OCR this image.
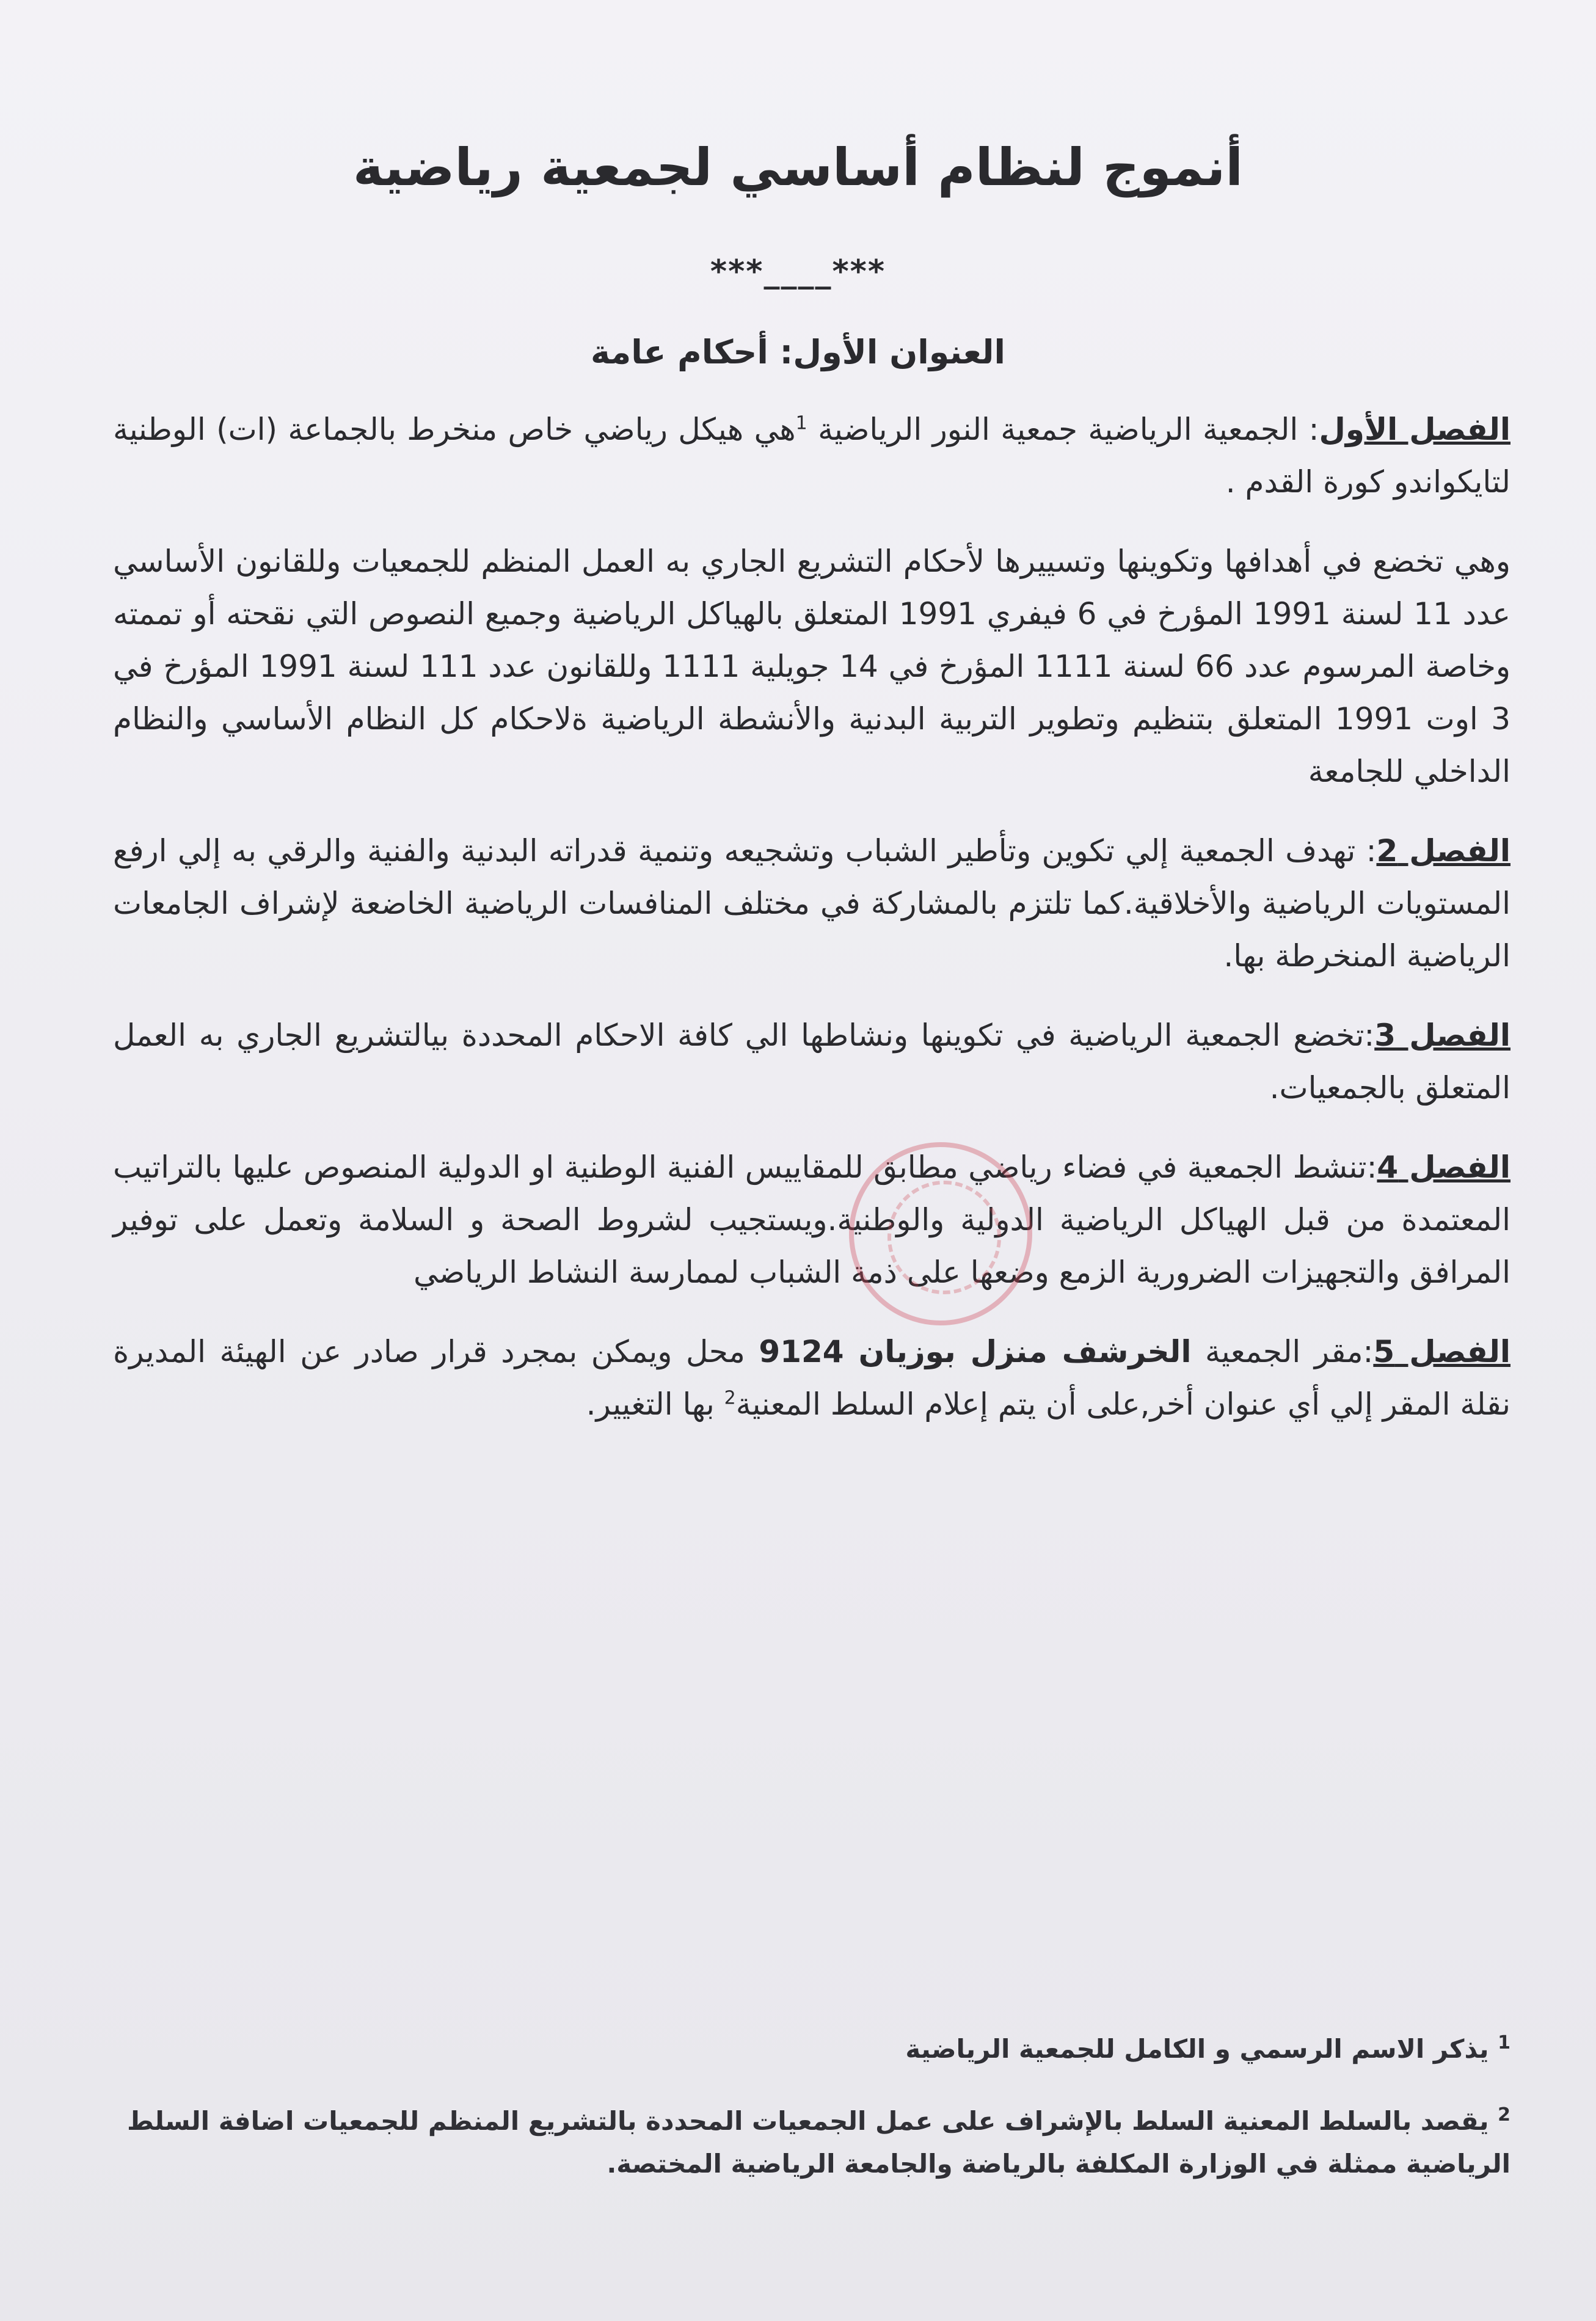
أنموج لنظام أساسي لجمعية رياضية
***____***
العنوان الأول: أحكام عامة

الفصل الأول: الجمعية الرياضية جمعية النور الرياضية $^1$هي هيكل رياضي خاص منخرط بالجماعة (ات) الوطنية لتايكواندو كورة القدم .

وهي تخضع في أهدافها وتكوينها وتسييرها لأحكام التشريع الجاري به العمل المنظم للجمعيات وللقانون الأساسي عدد 11 لسنة 1991 المؤرخ في 6 فيفري 1991 المتعلق بالهياكل الرياضية وجميع النصوص التي نقحته أو تممته وخاصة المرسوم عدد 66 لسنة 1111 المؤرخ في 14 جويلية 1111 وللقانون عدد 111 لسنة 1991 المؤرخ في 3 اوت 1991 المتعلق بتنظيم وتطوير التربية البدنية والأنشطة الرياضية ةلاحكام كل النظام الأساسي والنظام الداخلي للجامعة

الفصل 2: تهدف الجمعية إلي تكوين وتأطير الشباب وتشجيعه وتنمية قدراته البدنية والفنية والرقي به إلي ارفع المستويات الرياضية والأخلاقية.كما تلتزم بالمشاركة في مختلف المنافسات الرياضية الخاضعة لإشراف الجامعات الرياضية المنخرطة بها.

الفصل 3:تخضع الجمعية الرياضية في تكوينها ونشاطها الي كافة الاحكام المحددة بيالتشريع الجاري به العمل المتعلق بالجمعيات.

الفصل 4:تنشط الجمعية في فضاء رياضي مطابق للمقاييس الفنية الوطنية او الدولية المنصوص عليها بالتراتيب المعتمدة من قبل الهياكل الرياضية الدولية والوطنية.ويستجيب لشروط الصحة و السلامة وتعمل على توفير المرافق والتجهيزات الضرورية الزمع وضعها على ذمة الشباب لممارسة النشاط الرياضي

الفصل 5:مقر الجمعية الخرشف منزل بوزيان 9124 محل ويمكن بمجرد قرار صادر عن الهيئة المديرة نقلة المقر إلي أي عنوان أخر,على أن يتم إعلام السلط المعنية$^2$ بها التغيير.

$^1$ يذكر الاسم الرسمي و الكامل للجمعية الرياضية

$^2$ يقصد بالسلط المعنية السلط بالإشراف على عمل الجمعيات المحددة بالتشريع المنظم للجمعيات اضافة السلط الرياضية ممثلة في الوزارة المكلفة بالرياضة والجامعة الرياضية المختصة.
